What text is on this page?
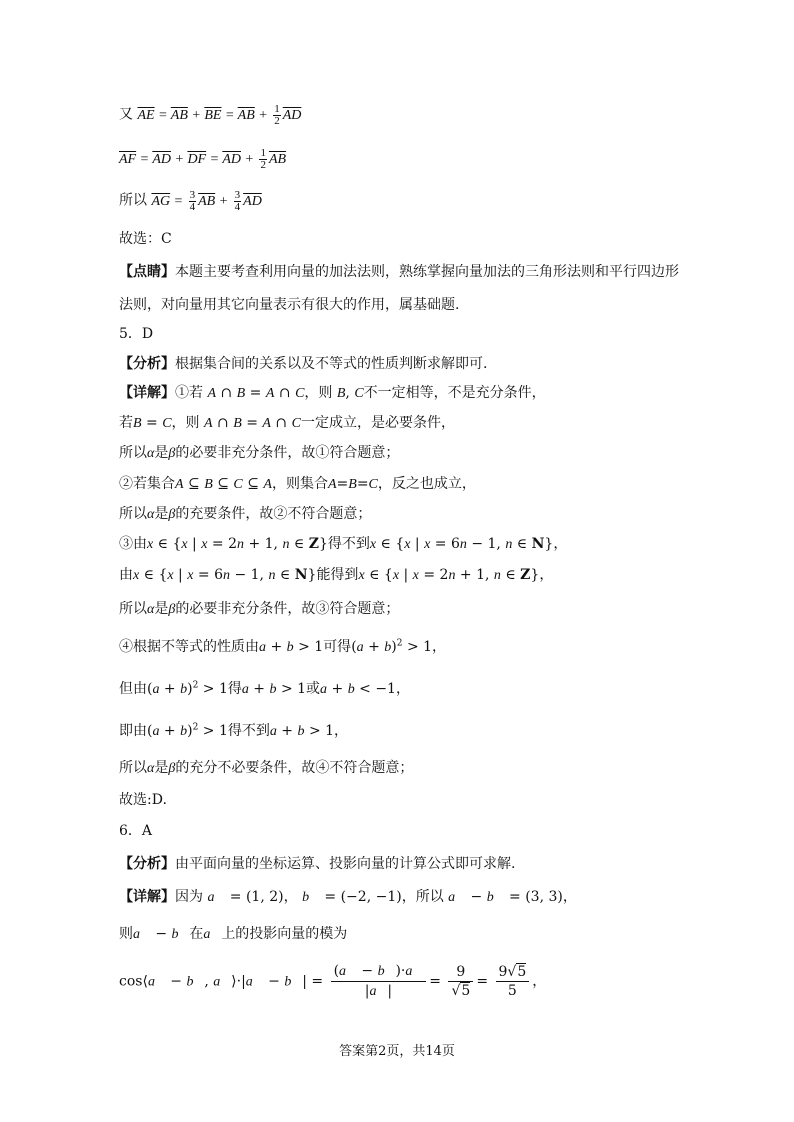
又 $\overline{AE} = \overline{AB} + \overline{BE} = \overline{AB} + \frac{1}{2} \overline{AD}$
$\overline{AF} = \overline{AD} + \overline{DF} = \overline{AD} + \frac{1}{2} \overline{AB}$
所以 $\overline{AG} = \frac{3}{4} \overline{AB} + \frac{3}{4} \overline{AD}$
故选：C
【点睛】本题主要考查利用向量的加法法则，熟练掌握向量加法的三角形法则和平行四边形
法则，对向量用其它向量表示有很大的作用，属基础题.
5．D
【分析】根据集合间的关系以及不等式的性质判断求解即可.
【详解】①若 A ∩ B = A ∩ C，则 B, C不一定相等，不是充分条件，
若B = C，则 A ∩ B = A ∩ C一定成立，是必要条件，
所以α是β的必要非充分条件，故①符合题意；
②若集合A ⊆ B ⊆ C ⊆ A，则集合A=B=C，反之也成立，
所以α是β的充要条件，故②不符合题意；
③由x ∈ {x | x = 2n + 1, n ∈ Z}得不到x ∈ {x | x = 6n − 1, n ∈ N}，
由x ∈ {x | x = 6n − 1, n ∈ N}能得到x ∈ {x | x = 2n + 1, n ∈ Z}，
所以α是β的必要非充分条件，故③符合题意；
④根据不等式的性质由a + b > 1可得$(a + b)^2 > 1$，
但由$(a + b)^2 > 1$得a + b > 1或a + b < −1，
即由$(a + b)^2 > 1$得不到a + b > 1，
所以α是β的充分不必要条件，故④不符合题意；
故选:D.
6．A
【分析】由平面向量的坐标运算、投影向量的计算公式即可求解.
【详解】因为 a⃗ = (1, 2)， b⃗ = (−2, −1)，所以 a⃗ − b⃗ = (3, 3)，
则a⃗ − b⃗在a⃗上的投影向量的模为
cos⟨a⃗ − b⃗, a⃗⟩·|a⃗ − b⃗| = $\frac{(a⃗ - b⃗)\cdot a⃗}{|a⃗|} = \frac{9}{√5} = \frac{9√5}{5}$ ，
答案第2页，共14页
